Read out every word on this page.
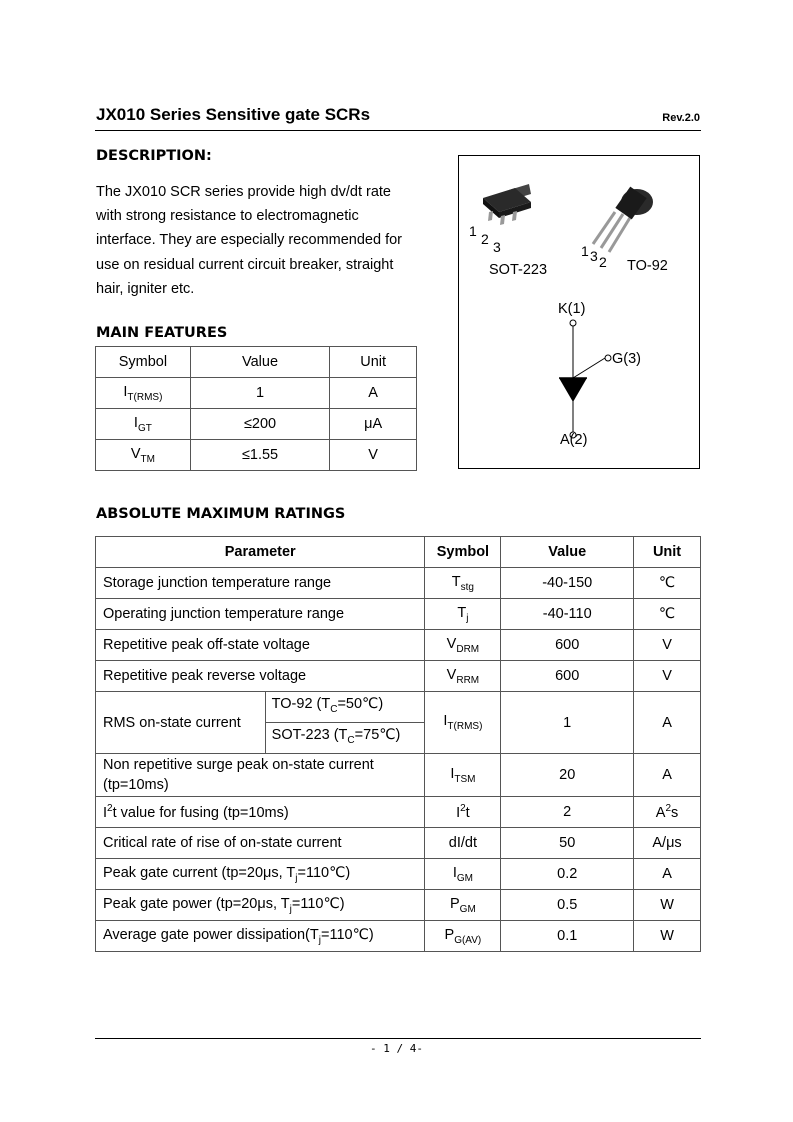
JX010 Series Sensitive gate SCRs	Rev.2.0
DESCRIPTION:

The JX010 SCR series provide high dv/dt rate
with strong resistance to electromagnetic
interface. They are especially recommended for
use on residual current circuit breaker, straight
hair, igniter etc.

MAIN FEATURES
Symbol	Value	Unit
$I_{T(RMS)}$	1	A
$I_{GT}$	≤200	μA
$V_{TM}$	≤1.55	V
1 2 3
SOT-223
1 3 2 TO-92
K(1)
G(3)
A(2)
ABSOLUTE MAXIMUM RATINGS
Parameter		Symbol	Value	Unit
Storage junction temperature range		$T_{stg}$	-40-150	℃
Operating junction temperature range		$T_j$	-40-110	℃
Repetitive peak off-state voltage		$V_{DRM}$	600	V
Repetitive peak reverse voltage		$V_{RRM}$	600	V
RMS on-state current	TO-92 $(T_C=50℃)$	$I_{T(RMS)}$	1	A
	SOT-223 $(T_C=75℃)$			
Non repetitive surge peak on-state current
(tp=10ms)		$I_{TSM}$	20	A
$I^2t$ value for fusing (tp=10ms)		$I^2t$	2	$A^2s$
Critical rate of rise of on-state current		dI/dt	50	A/μs
Peak gate current (tp=20μs, $T_j=110℃$)		$I_{GM}$	0.2	A
Peak gate power (tp=20μs, $T_j=110℃$)		$P_{GM}$	0.5	W
Average gate power $dissipation(T_j=110℃)$		$P_{G(AV)}$	0.1	W
- 1 / 4-
